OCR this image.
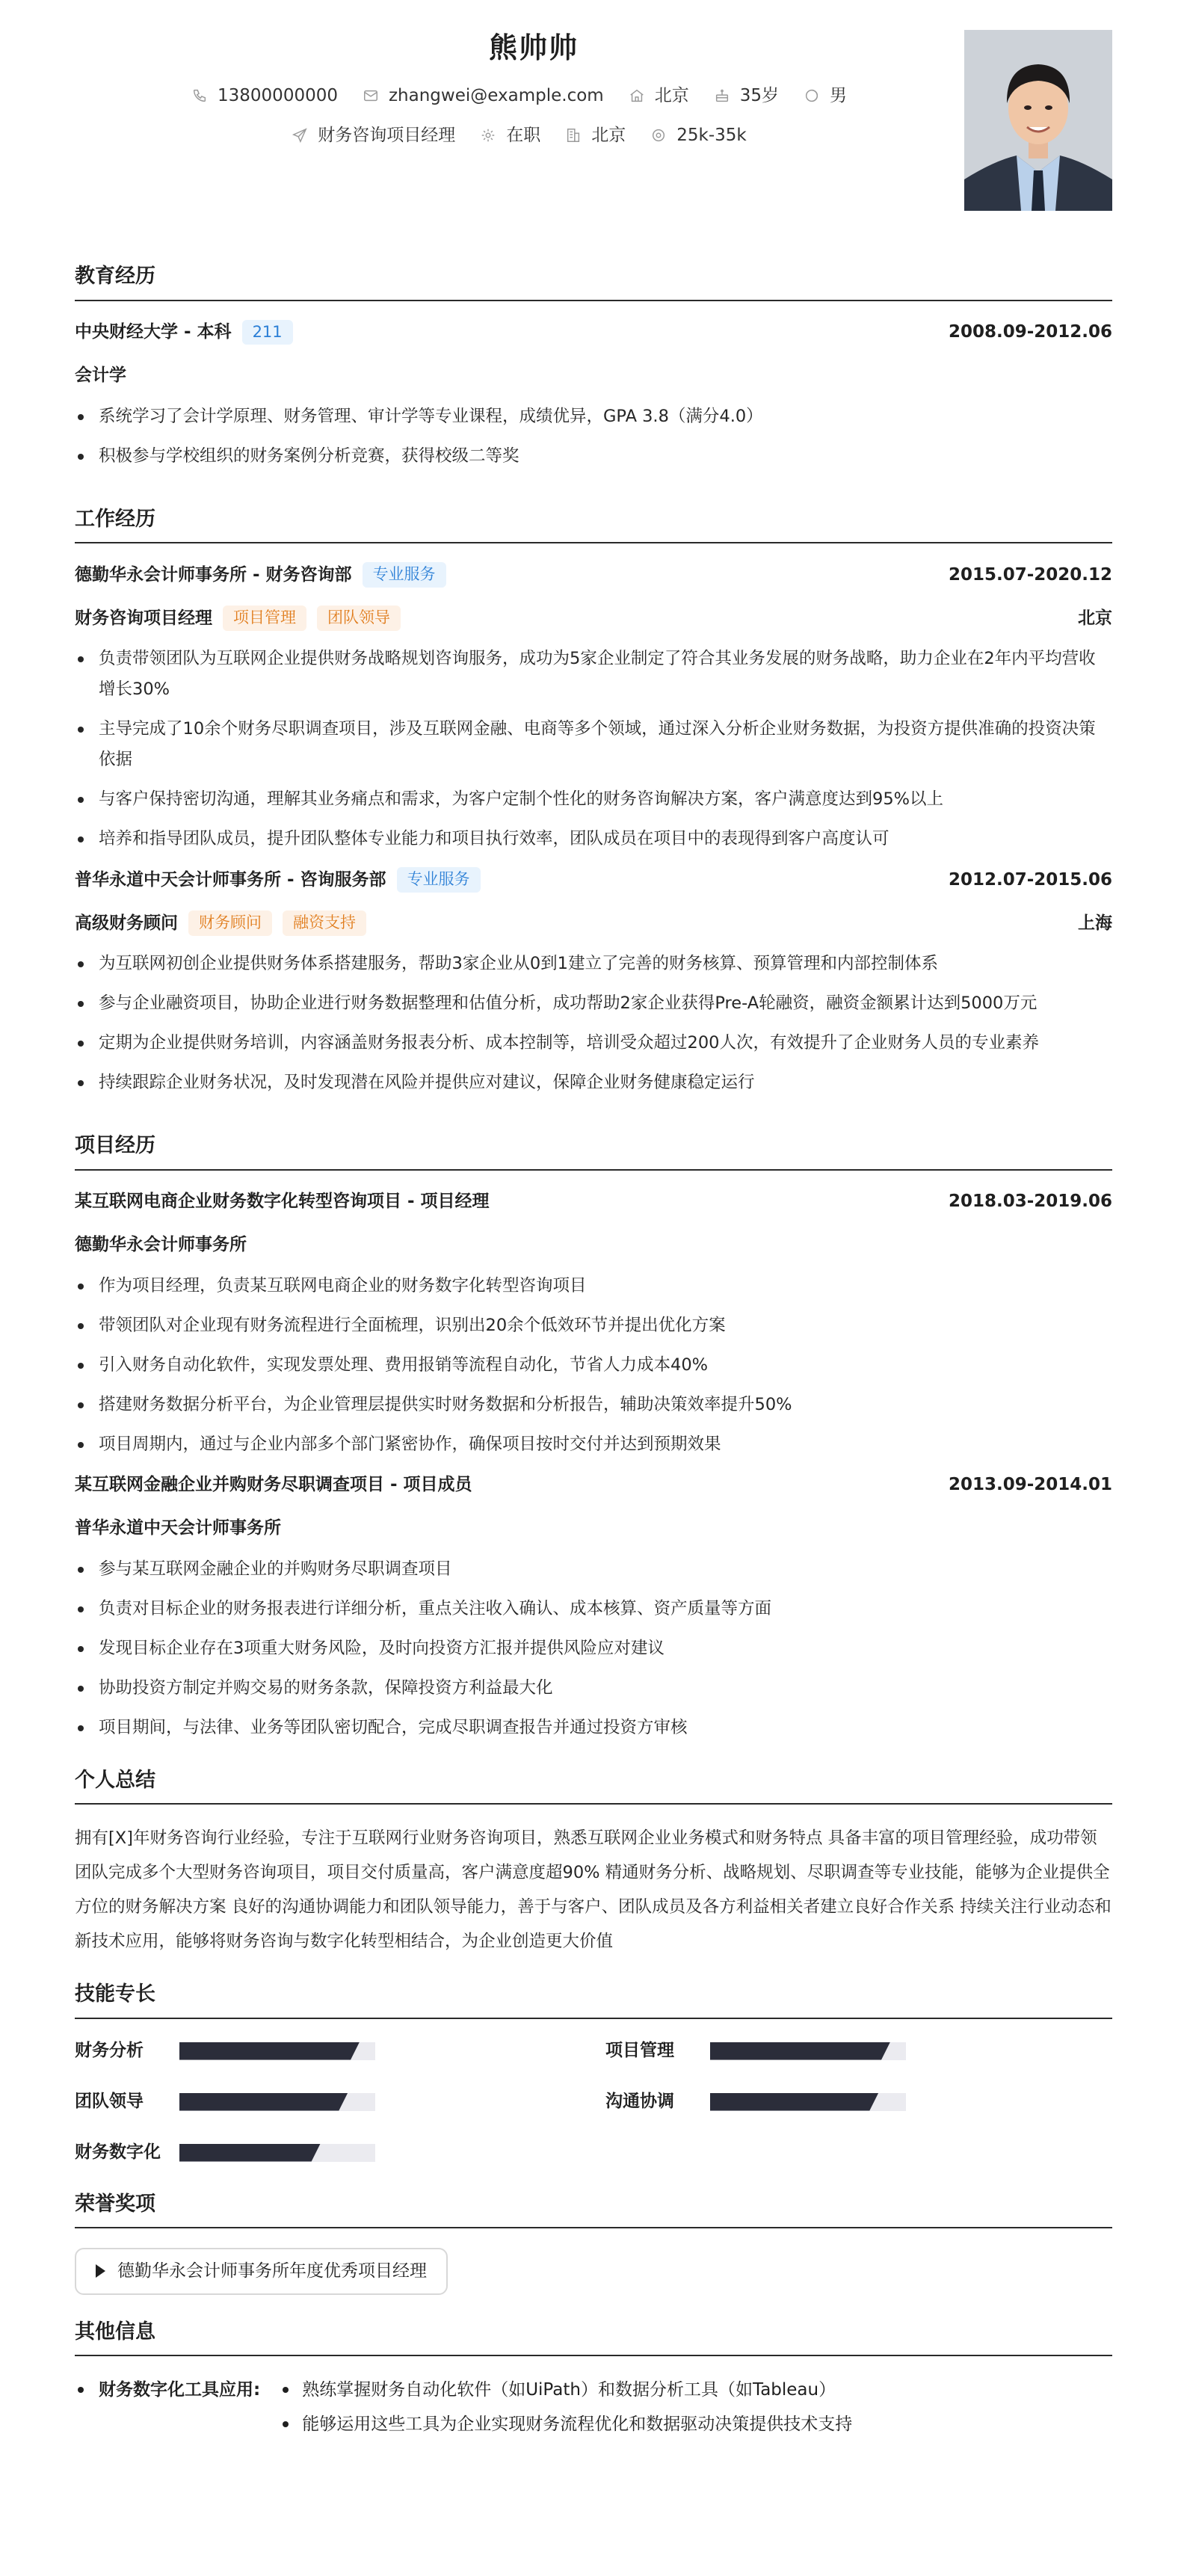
熊帅帅
13800000000	zhangwei@example.com	北京	35岁	男
财务咨询项目经理	在职	北京	25k-35k
教育经历
中央财经大学 - 本科	211	2008.09-2012.06
会计学
系统学习了会计学原理、财务管理、审计学等专业课程，成绩优异，GPA 3.8（满分4.0）
积极参与学校组织的财务案例分析竞赛，获得校级二等奖
工作经历
德勤华永会计师事务所 - 财务咨询部	专业服务	2015.07-2020.12
财务咨询项目经理	项目管理	团队领导	北京
负责带领团队为互联网企业提供财务战略规划咨询服务，成功为5家企业制定了符合其业务发展的财务战略，助力企业在2年内平均营收增长30%
主导完成了10余个财务尽职调查项目，涉及互联网金融、电商等多个领域，通过深入分析企业财务数据，为投资方提供准确的投资决策依据
与客户保持密切沟通，理解其业务痛点和需求，为客户定制个性化的财务咨询解决方案，客户满意度达到95%以上
培养和指导团队成员，提升团队整体专业能力和项目执行效率，团队成员在项目中的表现得到客户高度认可
普华永道中天会计师事务所 - 咨询服务部	专业服务	2012.07-2015.06
高级财务顾问	财务顾问	融资支持	上海
为互联网初创企业提供财务体系搭建服务，帮助3家企业从0到1建立了完善的财务核算、预算管理和内部控制体系
参与企业融资项目，协助企业进行财务数据整理和估值分析，成功帮助2家企业获得Pre-A轮融资，融资金额累计达到5000万元
定期为企业提供财务培训，内容涵盖财务报表分析、成本控制等，培训受众超过200人次，有效提升了企业财务人员的专业素养
持续跟踪企业财务状况，及时发现潜在风险并提供应对建议，保障企业财务健康稳定运行
项目经历
某互联网电商企业财务数字化转型咨询项目 - 项目经理	2018.03-2019.06
德勤华永会计师事务所
作为项目经理，负责某互联网电商企业的财务数字化转型咨询项目
带领团队对企业现有财务流程进行全面梳理，识别出20余个低效环节并提出优化方案
引入财务自动化软件，实现发票处理、费用报销等流程自动化，节省人力成本40%
搭建财务数据分析平台，为企业管理层提供实时财务数据和分析报告，辅助决策效率提升50%
项目周期内，通过与企业内部多个部门紧密协作，确保项目按时交付并达到预期效果
某互联网金融企业并购财务尽职调查项目 - 项目成员	2013.09-2014.01
普华永道中天会计师事务所
参与某互联网金融企业的并购财务尽职调查项目
负责对目标企业的财务报表进行详细分析，重点关注收入确认、成本核算、资产质量等方面
发现目标企业存在3项重大财务风险，及时向投资方汇报并提供风险应对建议
协助投资方制定并购交易的财务条款，保障投资方利益最大化
项目期间，与法律、业务等团队密切配合，完成尽职调查报告并通过投资方审核
个人总结

拥有[X]年财务咨询行业经验，专注于互联网行业财务咨询项目，熟悉互联网企业业务模式和财务特点 具备丰富的项目管理经验，成功带领团队完成多个大型财务咨询项目，项目交付质量高，客户满意度超90% 精通财务分析、战略规划、尽职调查等专业技能，能够为企业提供全方位的财务解决方案 良好的沟通协调能力和团队领导能力，善于与客户、团队成员及各方利益相关者建立良好合作关系 持续关注行业动态和新技术应用，能够将财务咨询与数字化转型相结合，为企业创造更大价值

技能专长
财务分析	项目管理
团队领导	沟通协调
财务数字化
荣誉奖项
德勤华永会计师事务所年度优秀项目经理
其他信息
财务数字化工具应用:	熟练掌握财务自动化软件（如UiPath）和数据分析工具（如Tableau）
能够运用这些工具为企业实现财务流程优化和数据驱动决策提供技术支持
